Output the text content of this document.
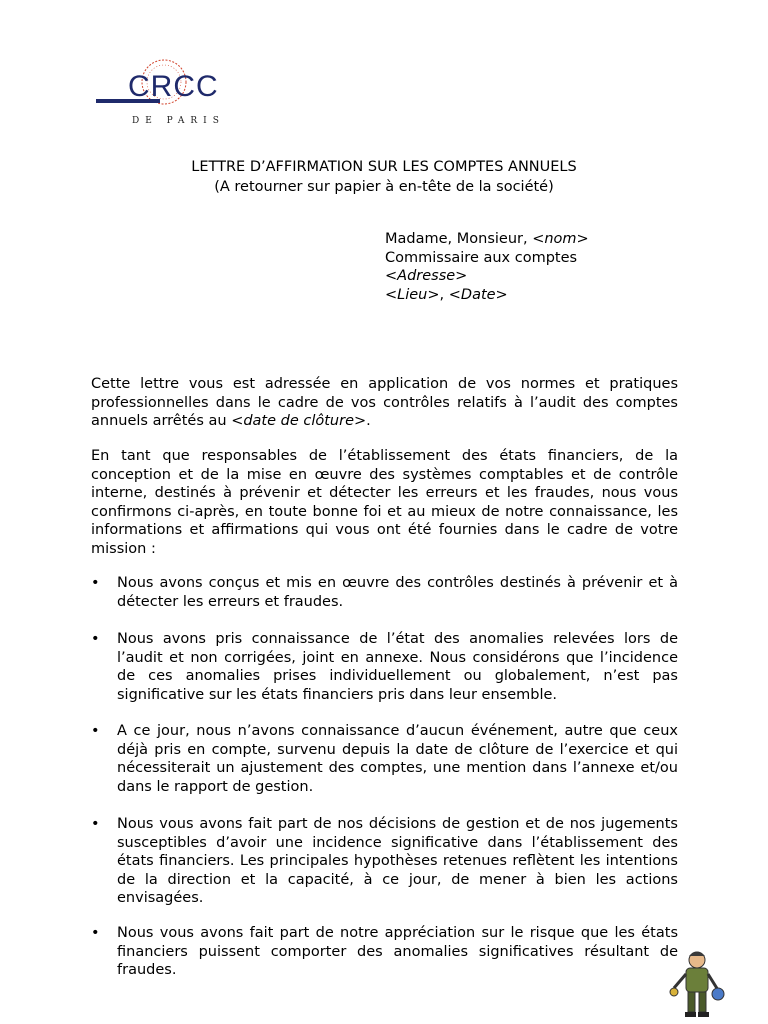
CRCC
DE PARIS
LETTRE D’AFFIRMATION SUR LES COMPTES ANNUELS
(A retourner sur papier à en-tête de la société)
Madame, Monsieur, <nom>
Commissaire aux comptes
<Adresse>
<Lieu>, <Date>
Cette lettre vous est adressée en application de vos normes et pratiques professionnelles dans le cadre de vos contrôles relatifs à l’audit des comptes annuels arrêtés au <date de clôture>.
En tant que responsables de l’établissement des états financiers, de la conception et de la mise en œuvre des systèmes comptables et de contrôle interne, destinés à prévenir et détecter les erreurs et les fraudes, nous vous confirmons ci-après, en toute bonne foi et au mieux de notre connaissance, les informations et affirmations qui vous ont été fournies dans le cadre de votre mission :
•	Nous avons conçus et mis en œuvre des contrôles destinés à prévenir et à détecter les erreurs et fraudes.
•	Nous avons pris connaissance de l’état des anomalies relevées lors de l’audit et non corrigées, joint en annexe. Nous considérons que l’incidence de ces anomalies prises individuellement ou globalement, n’est pas significative sur les états financiers pris dans leur ensemble.
•	A ce jour, nous n’avons connaissance d’aucun événement, autre que ceux déjà pris en compte, survenu depuis la date de clôture de l’exercice et qui nécessiterait un ajustement des comptes, une mention dans l’annexe et/ou dans le rapport de gestion.
•	Nous vous avons fait part de nos décisions de gestion et de nos jugements susceptibles d’avoir une incidence significative dans l’établissement des états financiers. Les principales hypothèses retenues reflètent les intentions de la direction et la capacité, à ce jour, de mener à bien les actions envisagées.
•	Nous vous avons fait part de notre appréciation sur le risque que les états financiers puissent comporter des anomalies significatives résultant de fraudes.
